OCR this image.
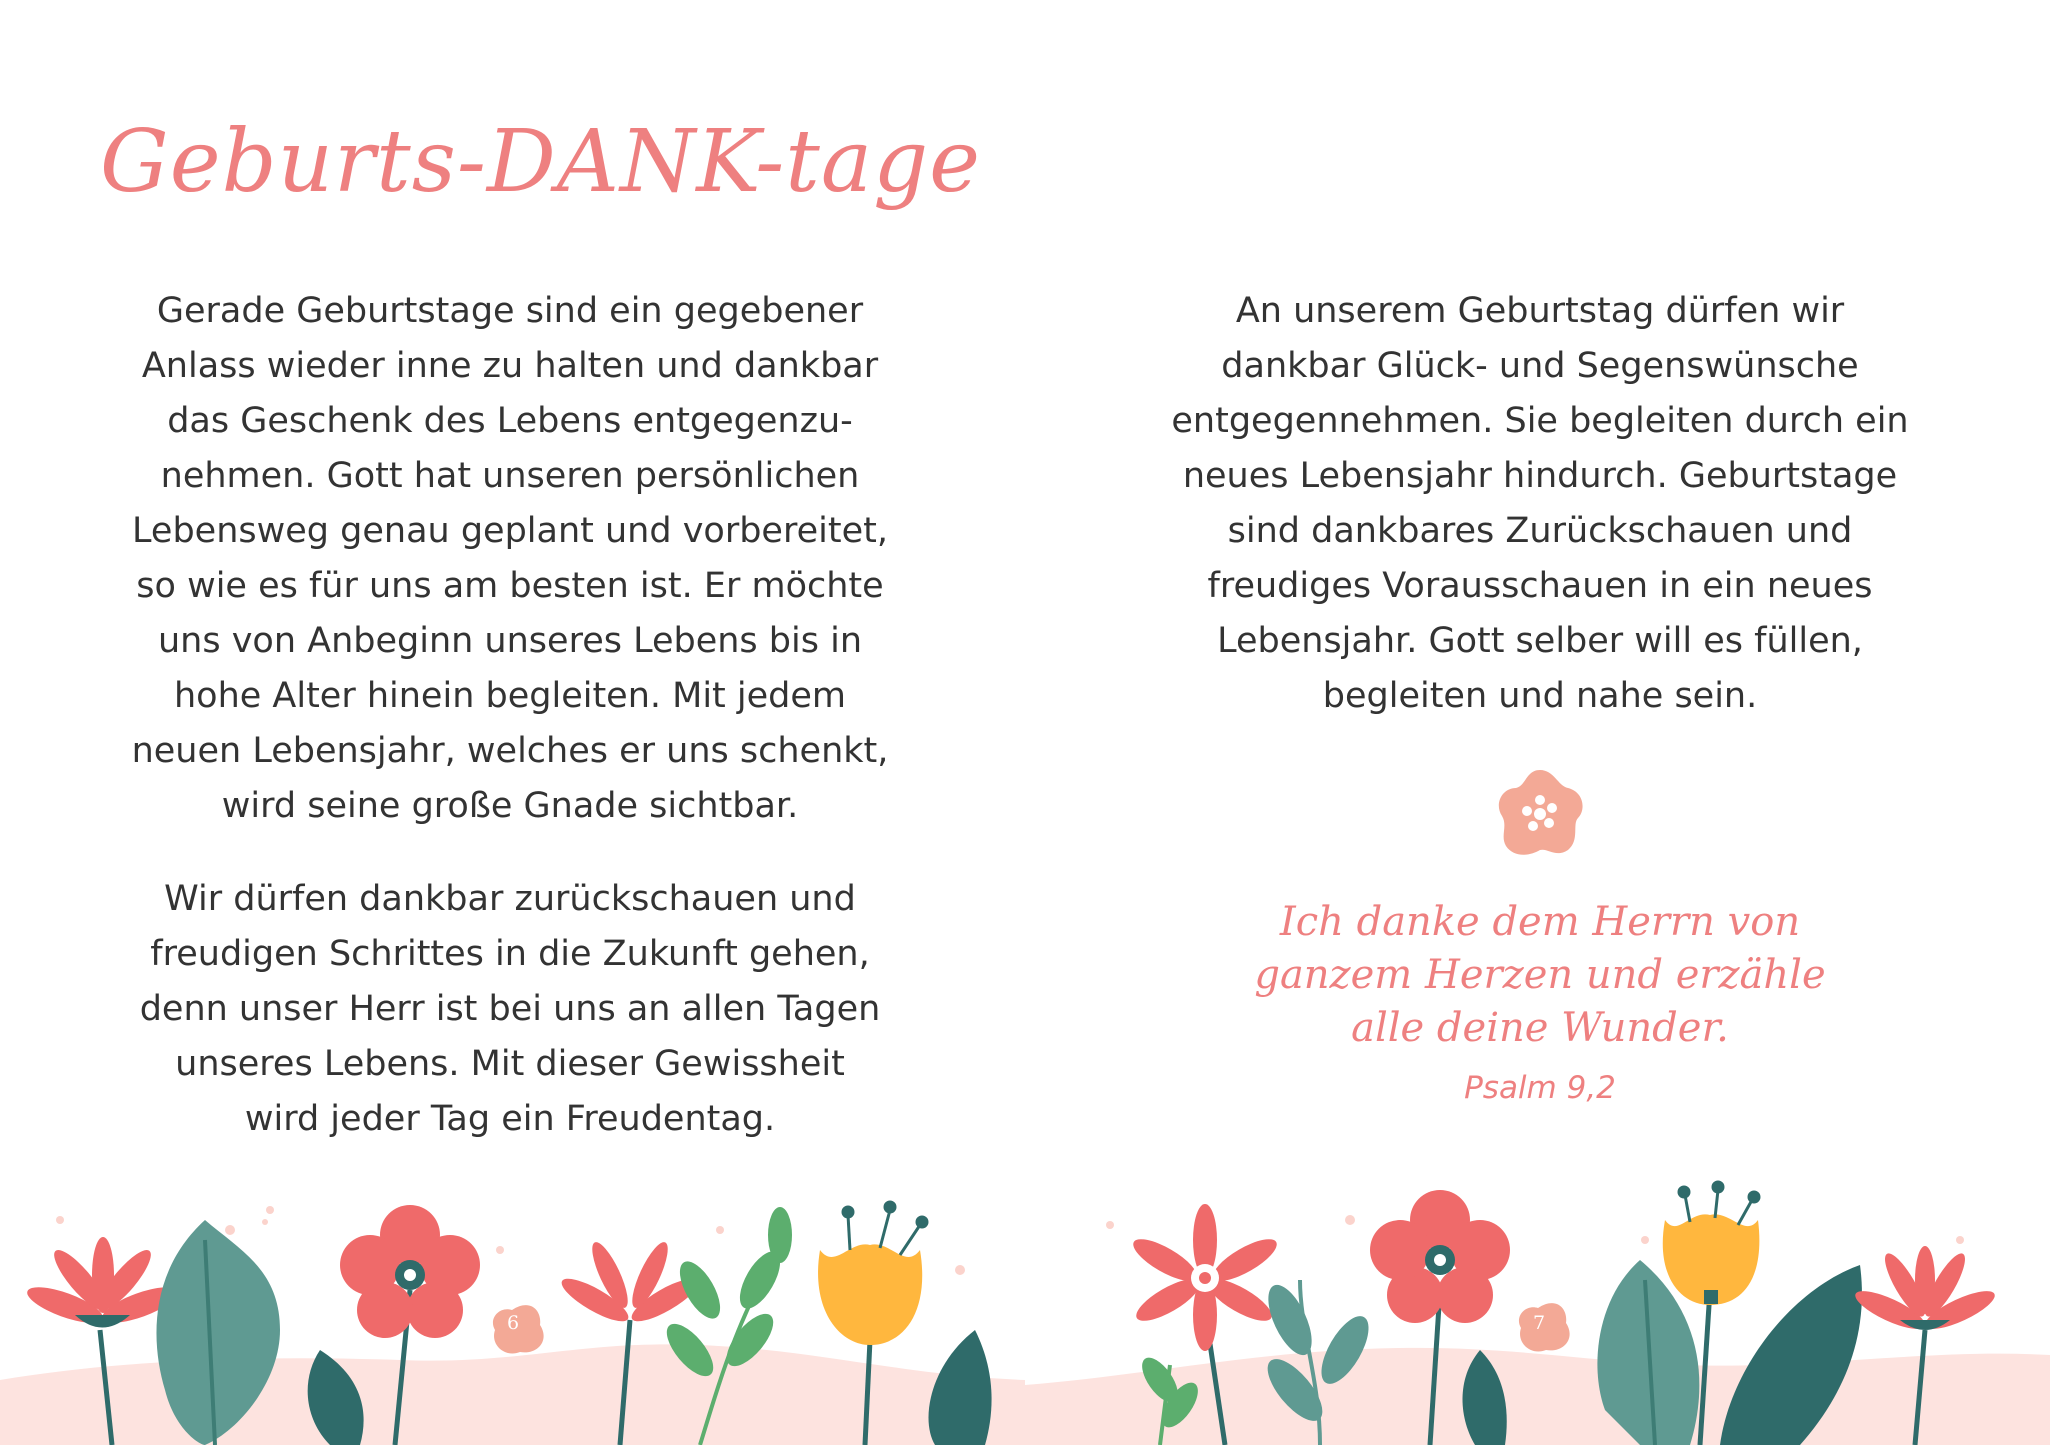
Geburts-DANK-tage

Gerade Geburtstage sind ein gegebener
Anlass wieder inne zu halten und dankbar
das Geschenk des Lebens entgegenzu-
nehmen. Gott hat unseren persönlichen
Lebensweg genau geplant und vorbereitet,
so wie es für uns am besten ist. Er möchte
uns von Anbeginn unseres Lebens bis in
hohe Alter hinein begleiten. Mit jedem
neuen Lebensjahr, welches er uns schenkt,
wird seine große Gnade sichtbar.

Wir dürfen dankbar zurückschauen und
freudigen Schrittes in die Zukunft gehen,
denn unser Herr ist bei uns an allen Tagen
unseres Lebens. Mit dieser Gewissheit
wird jeder Tag ein Freudentag.

An unserem Geburtstag dürfen wir
dankbar Glück- und Segenswünsche
entgegennehmen. Sie begleiten durch ein
neues Lebensjahr hindurch. Geburtstage
sind dankbares Zurückschauen und
freudiges Vorausschauen in ein neues
Lebensjahr. Gott selber will es füllen,
begleiten und nahe sein.

Ich danke dem Herrn von
ganzem Herzen und erzähle
alle deine Wunder.
Psalm 9,2
6	7
